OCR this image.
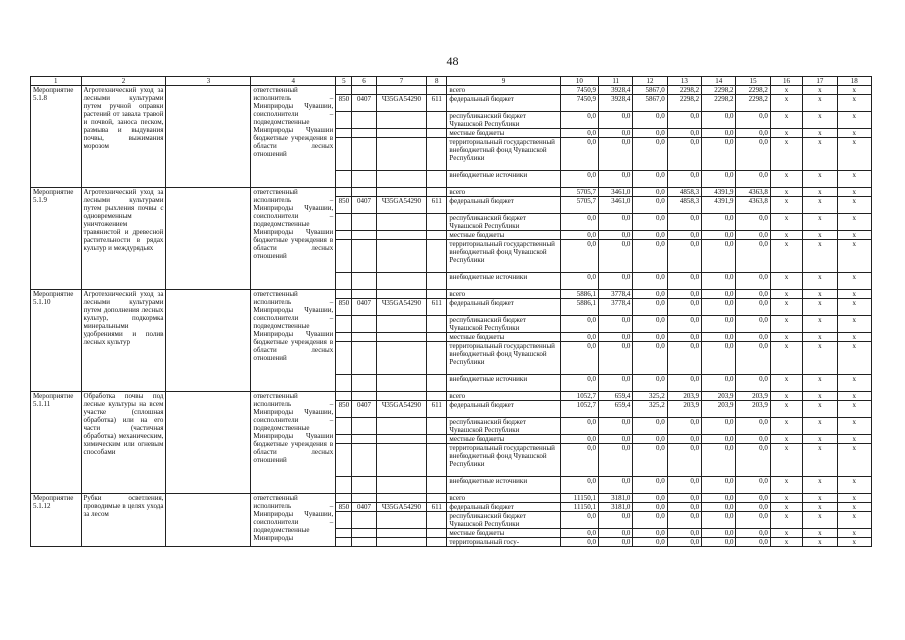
48
1	2	3	4	5	6	7	8	9	10	11	12	13	14	15	16	17	18
Мероприятие 5.1.8	Агротехнический уход за лесными культурами путем ручной оправки растений от завала травой и почвой, заноса песком, размыва и выдувания почвы, выжимания морозом		ответственный исполнитель – Минприроды Чувашии, соисполнители – подведомственные Минприроды Чувашии бюджетные учреждения в области лесных отношений					всего	7450,9	3928,4	5867,0	2298,2	2298,2	2298,2	x	x	x
				850	0407	Ч35GA54290	611	федеральный бюджет	7450,9	3928,4	5867,0	2298,2	2298,2	2298,2	x	x	x
								республиканский бюджет Чувашской Республики	0,0	0,0	0,0	0,0	0,0	0,0	x	x	x
								местные бюджеты	0,0	0,0	0,0	0,0	0,0	0,0	x	x	x
								территориальный государственный внебюджетный фонд Чувашской Республики	0,0	0,0	0,0	0,0	0,0	0,0	x	x	x
								внебюджетные источники	0,0	0,0	0,0	0,0	0,0	0,0	x	x	x
Мероприятие 5.1.9	Агротехнический уход за лесными культурами путем рыхления почвы с одновременным уничтожением травянистой и древесной растительности в рядах культур и междурядьях		ответственный исполнитель – Минприроды Чувашии, соисполнители – подведомственные Минприроды Чувашии бюджетные учреждения в области лесных отношений					всего	5705,7	3461,0	0,0	4858,3	4391,9	4363,8	x	x	x
				850	0407	Ч35GA54290	611	федеральный бюджет	5705,7	3461,0	0,0	4858,3	4391,9	4363,8	x	x	x
								республиканский бюджет Чувашской Республики	0,0	0,0	0,0	0,0	0,0	0,0	x	x	x
								местные бюджеты	0,0	0,0	0,0	0,0	0,0	0,0	x	x	x
								территориальный государственный внебюджетный фонд Чувашской Республики	0,0	0,0	0,0	0,0	0,0	0,0	x	x	x
								внебюджетные источники	0,0	0,0	0,0	0,0	0,0	0,0	x	x	x
Мероприятие 5.1.10	Агротехнический уход за лесными культурами путем дополнения лесных культур, подкормка минеральными удобрениями и полив лесных культур		ответственный исполнитель – Минприроды Чувашии, соисполнители – подведомственные Минприроды Чувашии бюджетные учреждения в области лесных отношений					всего	5886,1	3778,4	0,0	0,0	0,0	0,0	x	x	x
				850	0407	Ч35GA54290	611	федеральный бюджет	5886,1	3778,4	0,0	0,0	0,0	0,0	x	x	x
								республиканский бюджет Чувашской Республики	0,0	0,0	0,0	0,0	0,0	0,0	x	x	x
								местные бюджеты	0,0	0,0	0,0	0,0	0,0	0,0	x	x	x
								территориальный государственный внебюджетный фонд Чувашской Республики	0,0	0,0	0,0	0,0	0,0	0,0	x	x	x
								внебюджетные источники	0,0	0,0	0,0	0,0	0,0	0,0	x	x	x
Мероприятие 5.1.11	Обработка почвы под лесные культуры на всем участке (сплошная обработка) или на его части (частичная обработка) механическим, химическим или огневым способами		ответственный исполнитель – Минприроды Чувашии, соисполнители – подведомственные Минприроды Чувашии бюджетные учреждения в области лесных отношений					всего	1052,7	659,4	325,2	203,9	203,9	203,9	x	x	x
				850	0407	Ч35GA54290	611	федеральный бюджет	1052,7	659,4	325,2	203,9	203,9	203,9	x	x	x
								республиканский бюджет Чувашской Республики	0,0	0,0	0,0	0,0	0,0	0,0	x	x	x
								местные бюджеты	0,0	0,0	0,0	0,0	0,0	0,0	x	x	x
								территориальный государственный внебюджетный фонд Чувашской Республики	0,0	0,0	0,0	0,0	0,0	0,0	x	x	x
								внебюджетные источники	0,0	0,0	0,0	0,0	0,0	0,0	x	x	x
Мероприятие 5.1.12	Рубки осветления, проводимые в целях ухода за лесом		ответственный исполнитель – Минприроды Чувашии, соисполнители – подведомственные Минприроды					всего	11150,1	3181,0	0,0	0,0	0,0	0,0	x	x	x
				850	0407	Ч35GA54290	611	федеральный бюджет	11150,1	3181,0	0,0	0,0	0,0	0,0	x	x	x
								республиканский бюджет Чувашской Республики	0,0	0,0	0,0	0,0	0,0	0,0	x	x	x
								местные бюджеты	0,0	0,0	0,0	0,0	0,0	0,0	x	x	x
								территориальный госу-	0,0	0,0	0,0	0,0	0,0	0,0	x	x	x
